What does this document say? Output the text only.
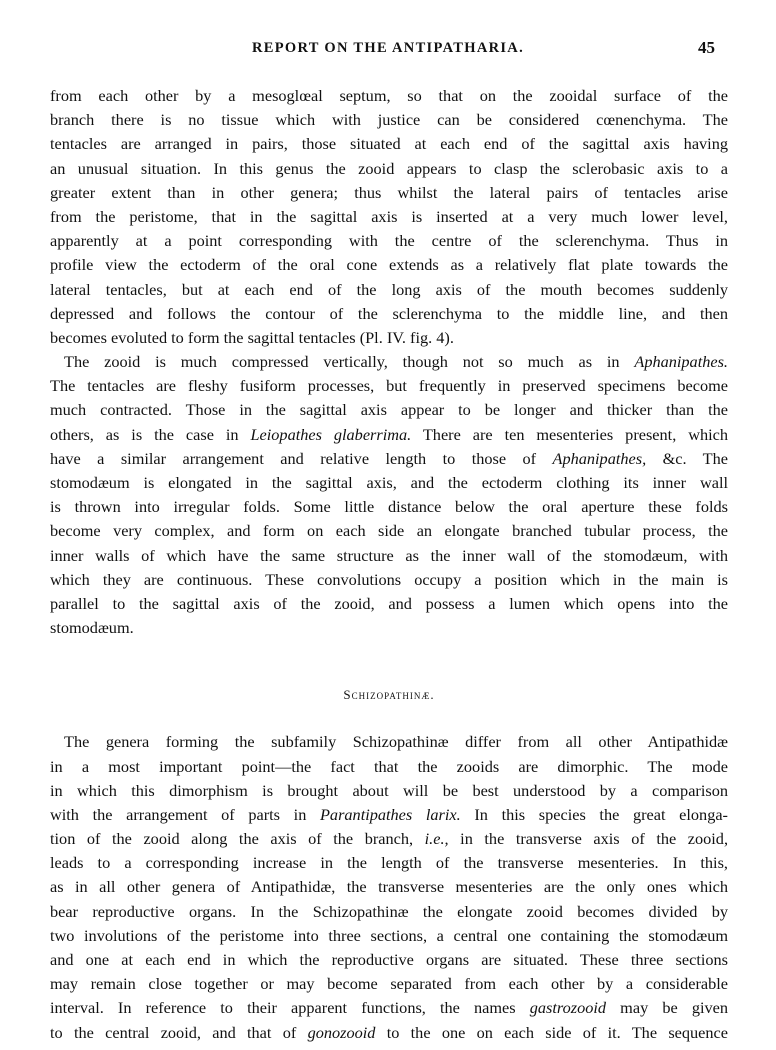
REPORT ON THE ANTIPATHARIA.	45
from each other by a mesoglœal septum, so that on the zooidal surface of the
branch there is no tissue which with justice can be considered cœnenchyma. The
tentacles are arranged in pairs, those situated at each end of the sagittal axis having
an unusual situation. In this genus the zooid appears to clasp the sclerobasic axis to a
greater extent than in other genera; thus whilst the lateral pairs of tentacles arise
from the peristome, that in the sagittal axis is inserted at a very much lower level,
apparently at a point corresponding with the centre of the sclerenchyma. Thus in
profile view the ectoderm of the oral cone extends as a relatively flat plate towards the
lateral tentacles, but at each end of the long axis of the mouth becomes suddenly
depressed and follows the contour of the sclerenchyma to the middle line, and then
becomes evoluted to form the sagittal tentacles (Pl. IV. fig. 4).
The zooid is much compressed vertically, though not so much as in Aphanipathes.
The tentacles are fleshy fusiform processes, but frequently in preserved specimens become
much contracted. Those in the sagittal axis appear to be longer and thicker than the
others, as is the case in Leiopathes glaberrima. There are ten mesenteries present, which
have a similar arrangement and relative length to those of Aphanipathes, &c. The
stomodæum is elongated in the sagittal axis, and the ectoderm clothing its inner wall
is thrown into irregular folds. Some little distance below the oral aperture these folds
become very complex, and form on each side an elongate branched tubular process, the
inner walls of which have the same structure as the inner wall of the stomodæum, with
which they are continuous. These convolutions occupy a position which in the main is
parallel to the sagittal axis of the zooid, and possess a lumen which opens into the
stomodæum.
Schizopathinæ.
The genera forming the subfamily Schizopathinæ differ from all other Antipathidæ
in a most important point—the fact that the zooids are dimorphic. The mode
in which this dimorphism is brought about will be best understood by a comparison
with the arrangement of parts in Parantipathes larix. In this species the great elonga-
tion of the zooid along the axis of the branch, i.e., in the transverse axis of the zooid,
leads to a corresponding increase in the length of the transverse mesenteries. In this,
as in all other genera of Antipathidæ, the transverse mesenteries are the only ones which
bear reproductive organs. In the Schizopathinæ the elongate zooid becomes divided by
two involutions of the peristome into three sections, a central one containing the stomodæum
and one at each end in which the reproductive organs are situated. These three sections
may remain close together or may become separated from each other by a considerable
interval. In reference to their apparent functions, the names gastrozooid may be given
to the central zooid, and that of gonozooid to the one on each side of it. The sequence
